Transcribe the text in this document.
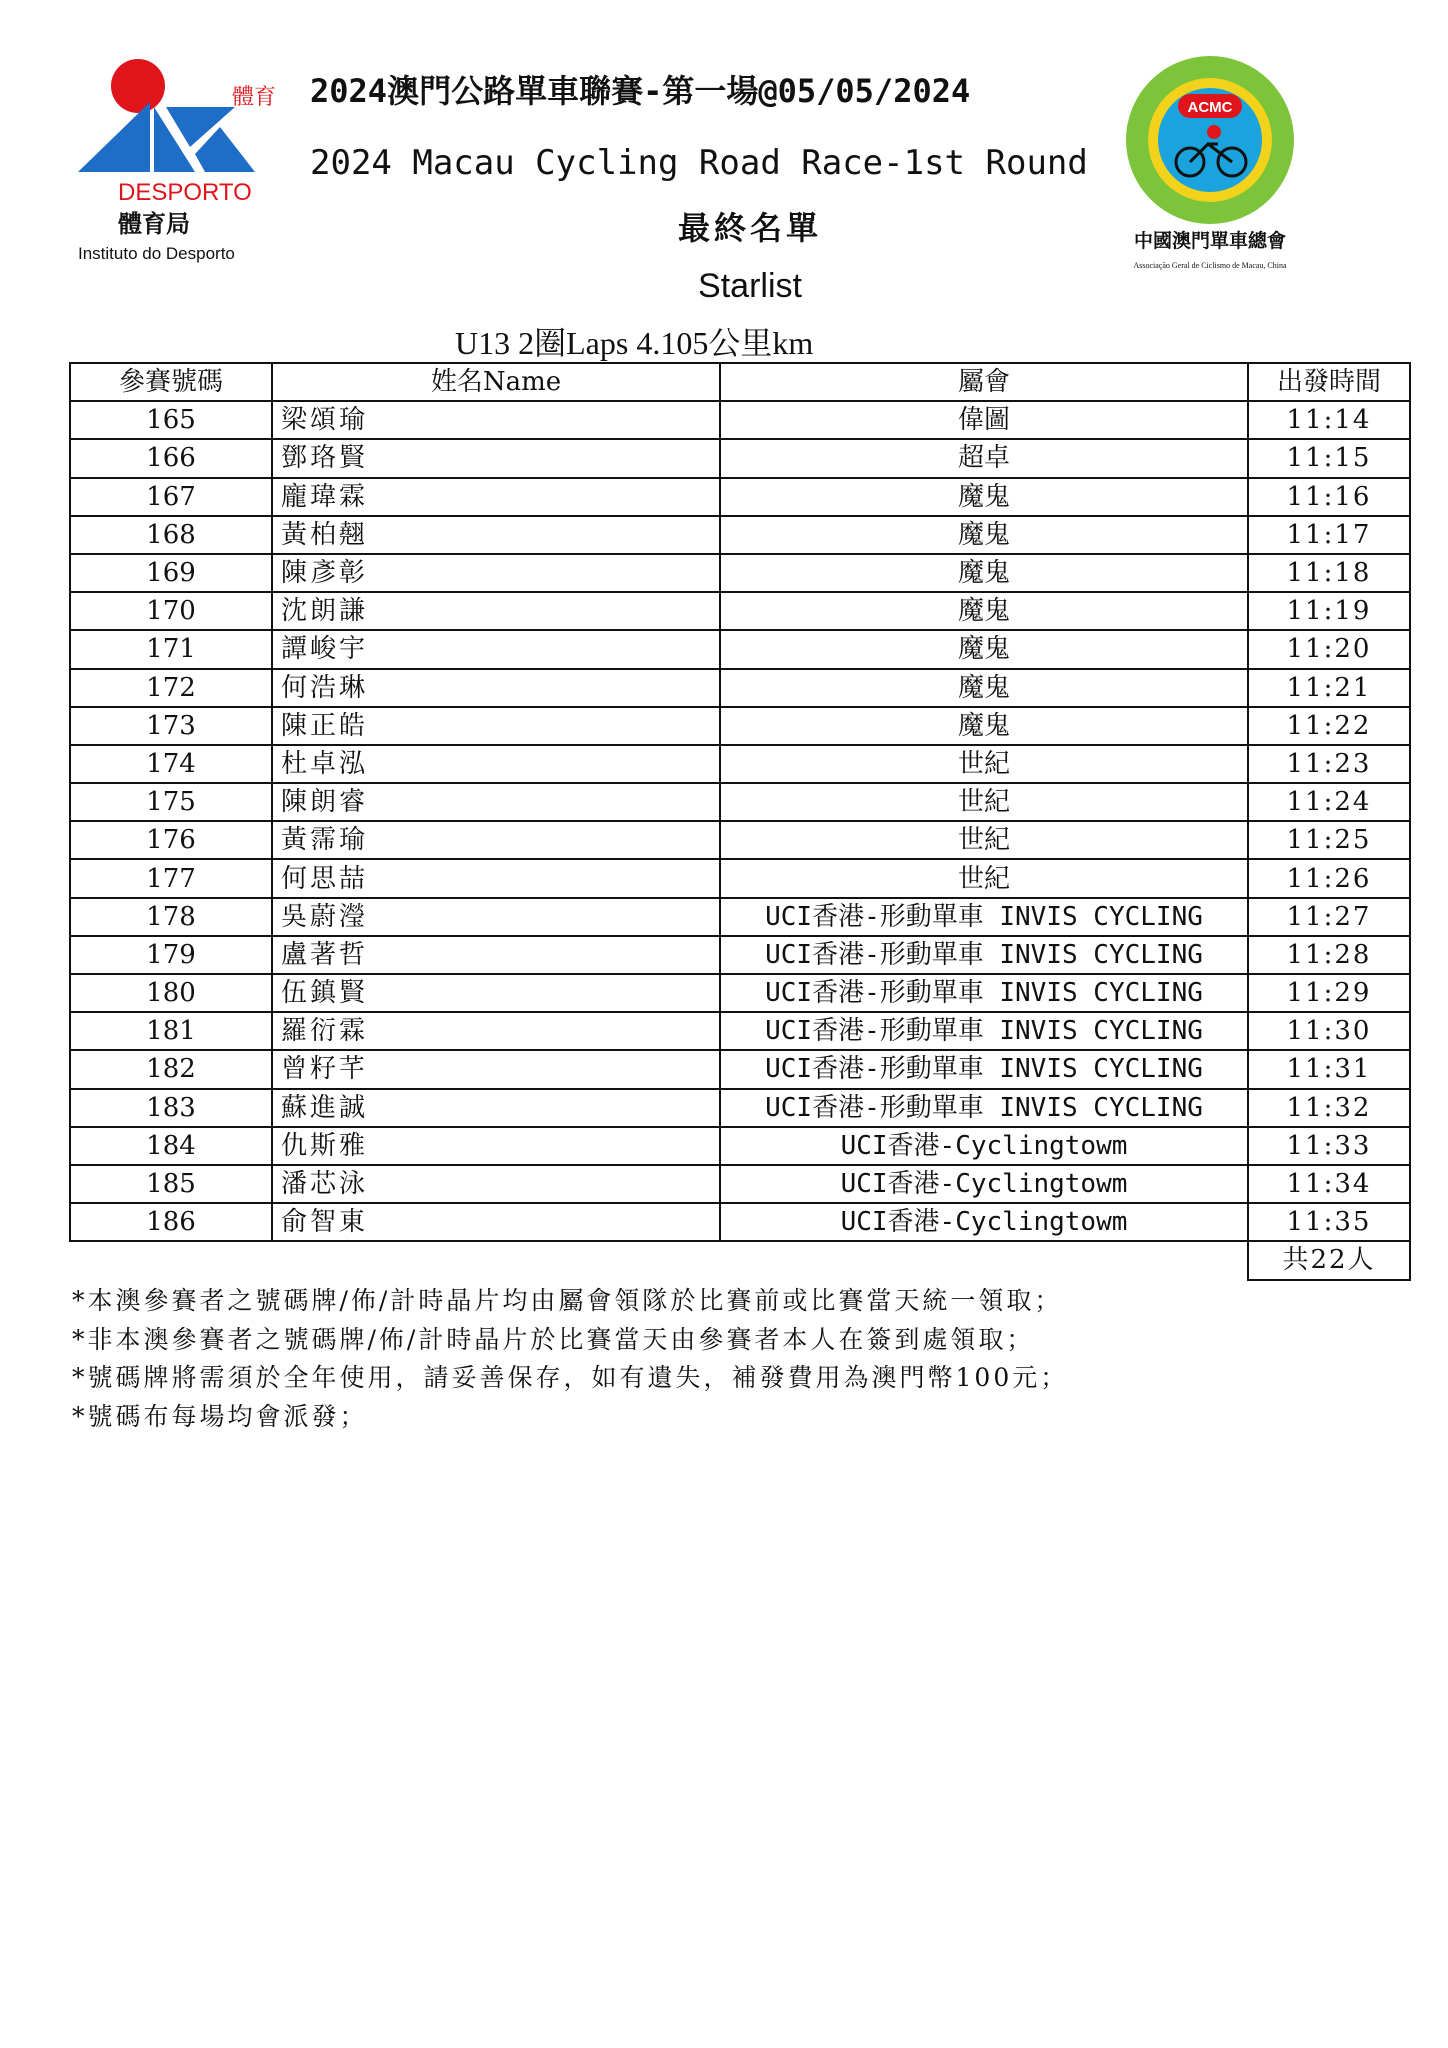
體育
DESPORTO
體育局
Instituto do Desporto
2024澳門公路單車聯賽-第一場@05/05/2024
2024 Macau Cycling Road Race-1st Round
最終名單
Starlist
ACMC
中國澳門單車總會
Associação Geral de Ciclismo de Macau, China
U13 2圈Laps 4.105公里km
參賽號碼	姓名Name	屬會	出發時間
165	梁頌瑜	偉圖	11:14
166	鄧珞賢	超卓	11:15
167	龐瑋霖	魔鬼	11:16
168	黃柏翹	魔鬼	11:17
169	陳彥彰	魔鬼	11:18
170	沈朗謙	魔鬼	11:19
171	譚峻宇	魔鬼	11:20
172	何浩琳	魔鬼	11:21
173	陳正皓	魔鬼	11:22
174	杜卓泓	世紀	11:23
175	陳朗睿	世紀	11:24
176	黃霈瑜	世紀	11:25
177	何思喆	世紀	11:26
178	吳蔚瀅	UCI香港-形動單車 INVIS CYCLING	11:27
179	盧著哲	UCI香港-形動單車 INVIS CYCLING	11:28
180	伍鎮賢	UCI香港-形動單車 INVIS CYCLING	11:29
181	羅衍霖	UCI香港-形動單車 INVIS CYCLING	11:30
182	曾籽芊	UCI香港-形動單車 INVIS CYCLING	11:31
183	蘇進誠	UCI香港-形動單車 INVIS CYCLING	11:32
184	仇斯雅	UCI香港-Cyclingtowm	11:33
185	潘芯泳	UCI香港-Cyclingtowm	11:34
186	俞智東	UCI香港-Cyclingtowm	11:35
			共22人
*本澳參賽者之號碼牌/佈/計時晶片均由屬會領隊於比賽前或比賽當天統一領取；
*非本澳參賽者之號碼牌/佈/計時晶片於比賽當天由參賽者本人在簽到處領取；
*號碼牌將需須於全年使用，請妥善保存，如有遺失，補發費用為澳門幣100元；
*號碼布每場均會派發；
